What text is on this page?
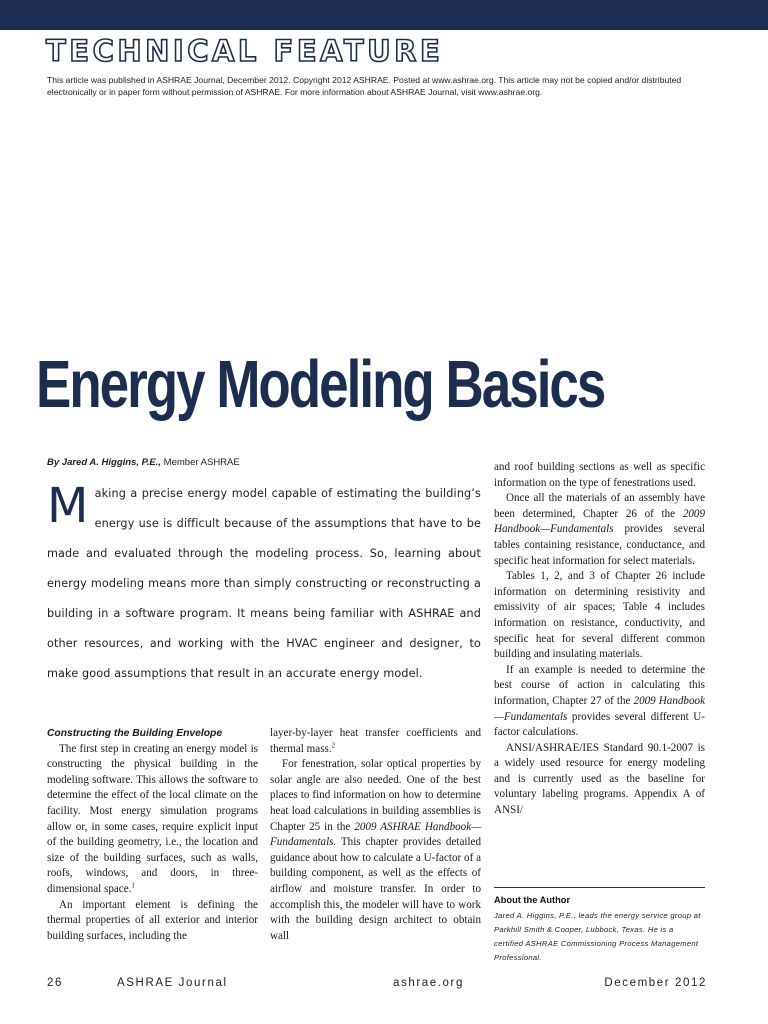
TECHNICAL FEATURE
This article was published in ASHRAE Journal, December 2012. Copyright 2012 ASHRAE. Posted at www.ashrae.org. This article may not be copied and/or distributed electronically or in paper form without permission of ASHRAE. For more information about ASHRAE Journal, visit www.ashrae.org.
Energy Modeling Basics
By Jared A. Higgins, P.E., Member ASHRAE
Making a precise energy model capable of estimating the building’s energy use is difficult because of the assumptions that have to be made and evaluated through the modeling process. So, learning about energy modeling means more than simply constructing or reconstructing a building in a software program. It means being familiar with ASHRAE and other resources, and working with the HVAC engineer and designer, to make good assumptions that result in an accurate energy model.

Constructing the Building Envelope

The first step in creating an energy model is constructing the physical building in the modeling software. This allows the software to determine the effect of the local climate on the facility. Most energy simulation programs allow or, in some cases, require explicit input of the building geometry, i.e., the location and size of the building surfaces, such as walls, roofs, windows, and doors, in three-dimensional space.$^1$

An important element is defining the thermal properties of all exterior and interior building surfaces, including the

layer-by-layer heat transfer coefficients and thermal mass.$^2$

For fenestration, solar optical properties by solar angle are also needed. One of the best places to find information on how to determine heat load calculations in building assemblies is Chapter 25 in the 2009 ASHRAE Handbook—Fundamentals. This chapter provides detailed guidance about how to calculate a U-factor of a building component, as well as the effects of airflow and moisture transfer. In order to accomplish this, the modeler will have to work with the building design architect to obtain wall

and roof building sections as well as specific information on the type of fenestrations used.

Once all the materials of an assembly have been determined, Chapter 26 of the 2009 Handbook—Fundamentals provides several tables containing resistance, conductance, and specific heat information for select materials.

Tables 1, 2, and 3 of Chapter 26 include information on determining resistivity and emissivity of air spaces; Table 4 includes information on resistance, conductivity, and specific heat for several different common building and insulating materials.

If an example is needed to determine the best course of action in calculating this information, Chapter 27 of the 2009 Handbook—Fundamentals provides several different U-factor calculations.

ANSI/ASHRAE/IES Standard 90.1-2007 is a widely used resource for energy modeling and is currently used as the baseline for voluntary labeling programs. Appendix A of ANSI/

About the Author
Jared A. Higgins, P.E., leads the energy service group at Parkhill Smith & Cooper, Lubbock, Texas. He is a certified ASHRAE Commissioning Process Management Professional.
26	ASHRAE Journal	ashrae.org	December 2012
